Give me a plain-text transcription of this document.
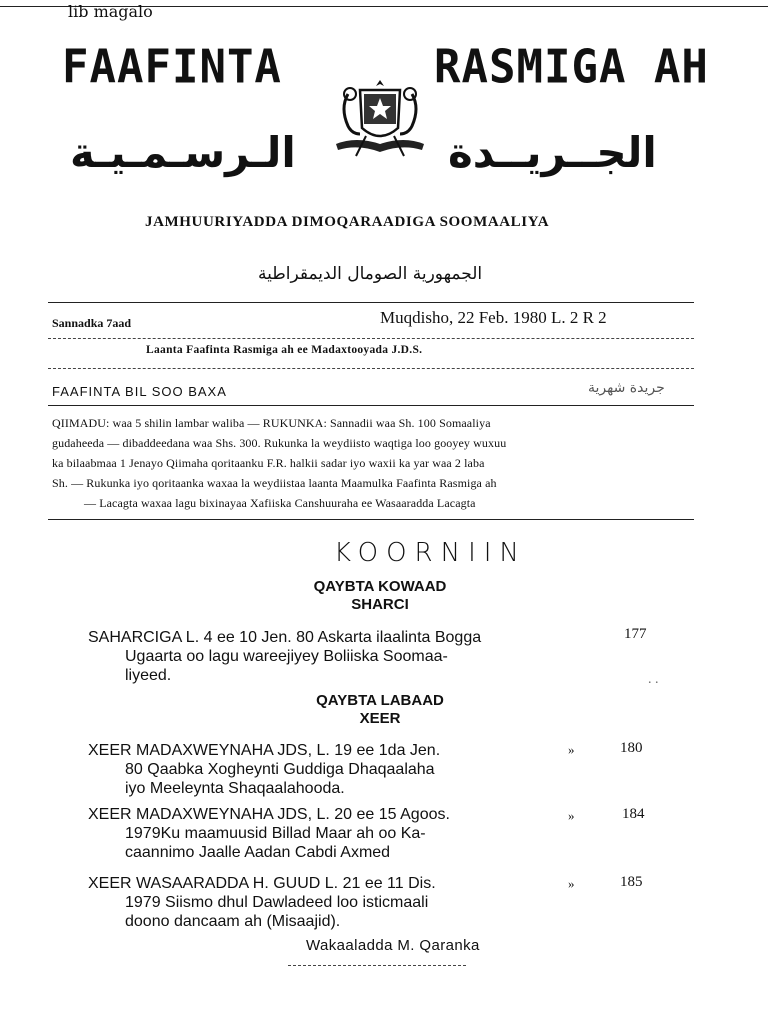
lib magalo
FAAFINTA	RASMIGA AH
الـرسـمـيـة	الجــريــدة
JAMHUURIYADDA DIMOQARAADIGA SOOMAALIYA
الجمهورية الصومال الديمقراطية
Sannadka 7aad	Muqdisho, 22 Feb. 1980 L. 2 R 2
Laanta Faafinta Rasmiga ah ee Madaxtooyada J.D.S.
FAAFINTA BIL SOO BAXA	جريدة شهرية

QIIMADU: waa 5 shilin lambar waliba — RUKUNKA: Sannadii waa Sh. 100 Somaaliya

gudaheeda — dibaddeedana waa Shs. 300. Rukunka la weydiisto waqtiga loo gooyey wuxuu

ka bilaabmaa 1 Jenayo Qiimaha qoritaanku F.R. halkii sadar iyo waxii ka yar waa 2 laba

Sh. — Rukunka iyo qoritaanka waxaa la weydiistaa laanta Maamulka Faafinta Rasmiga ah

— Lacagta waxaa lagu bixinayaa Xafiiska Canshuuraha ee Wasaaradda Lacagta

KOORNIIN
QAYBTA KOWAAD
SHARCI

SAHARCIGA L. 4 ee 10 Jen. 80 Askarta ilaalinta Bogga

Ugaarta oo lagu wareejiyey Boliiska Soomaa-

liyeed.

177
. .
QAYBTA LABAAD
XEER

XEER MADAXWEYNAHA JDS, L. 19 ee 1da Jen.

80 Qaabka Xogheynti Guddiga Dhaqaalaha

iyo Meeleynta Shaqaalahooda.

»	180

XEER MADAXWEYNAHA JDS, L. 20 ee 15 Agoos.

1979Ku maamuusid Billad Maar ah oo Ka-

caannimo Jaalle Aadan Cabdi Axmed

»	184

XEER WASAARADDA H. GUUD L. 21 ee 11 Dis.

1979 Siismo dhul Dawladeed loo isticmaali

doono dancaam ah (Misaajid).

»	185
Wakaaladda M. Qaranka
